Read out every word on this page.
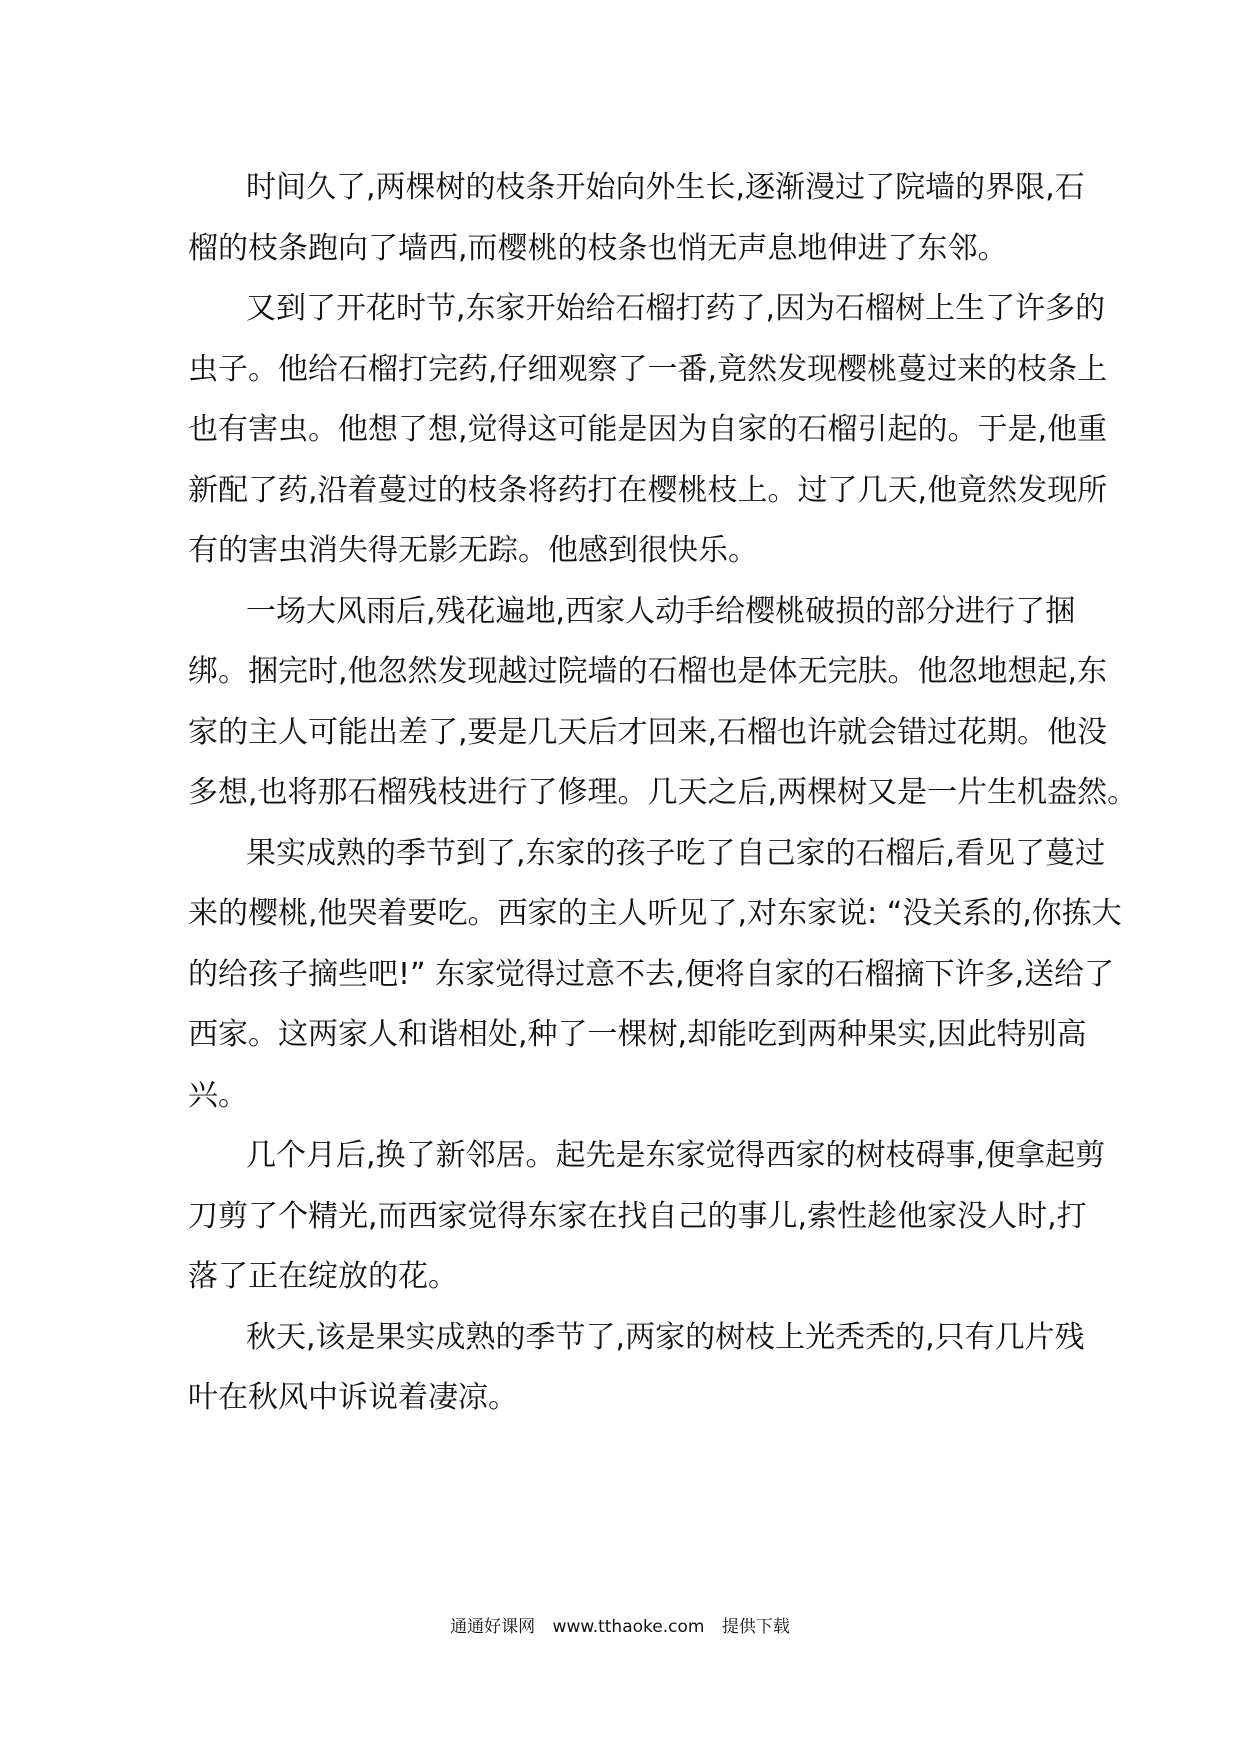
时间久了,两棵树的枝条开始向外生长,逐渐漫过了院墙的界限,石
榴的枝条跑向了墙西,而樱桃的枝条也悄无声息地伸进了东邻。
又到了开花时节,东家开始给石榴打药了,因为石榴树上生了许多的
虫子。他给石榴打完药,仔细观察了一番,竟然发现樱桃蔓过来的枝条上
也有害虫。他想了想,觉得这可能是因为自家的石榴引起的。于是,他重
新配了药,沿着蔓过的枝条将药打在樱桃枝上。过了几天,他竟然发现所
有的害虫消失得无影无踪。他感到很快乐。
一场大风雨后,残花遍地,西家人动手给樱桃破损的部分进行了捆
绑。捆完时,他忽然发现越过院墙的石榴也是体无完肤。他忽地想起,东
家的主人可能出差了,要是几天后才回来,石榴也许就会错过花期。他没
多想,也将那石榴残枝进行了修理。几天之后,两棵树又是一片生机盎然。
果实成熟的季节到了,东家的孩子吃了自己家的石榴后,看见了蔓过
来的樱桃,他哭着要吃。西家的主人听见了,对东家说: “没关系的,你拣大
的给孩子摘些吧!” 东家觉得过意不去,便将自家的石榴摘下许多,送给了
西家。这两家人和谐相处,种了一棵树,却能吃到两种果实,因此特别高
兴。
几个月后,换了新邻居。起先是东家觉得西家的树枝碍事,便拿起剪
刀剪了个精光,而西家觉得东家在找自己的事儿,索性趁他家没人时,打
落了正在绽放的花。
秋天,该是果实成熟的季节了,两家的树枝上光秃秃的,只有几片残
叶在秋风中诉说着凄凉。
通通好课网 www.tthaoke.com 提供下载
